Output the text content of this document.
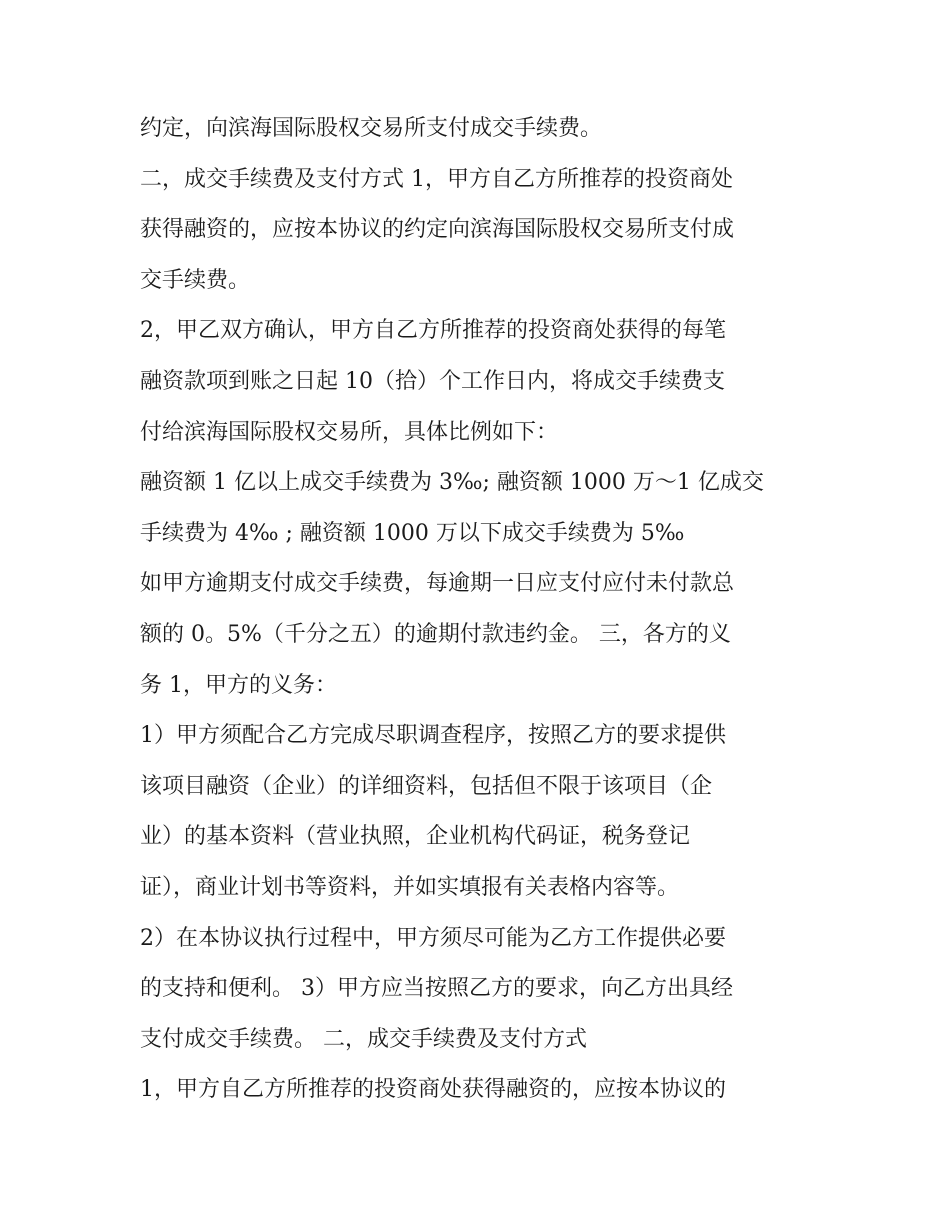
约定，向滨海国际股权交易所支付成交手续费。
二，成交手续费及支付方式 1，甲方自乙方所推荐的投资商处
获得融资的，应按本协议的约定向滨海国际股权交易所支付成
交手续费。
2，甲乙双方确认，甲方自乙方所推荐的投资商处获得的每笔
融资款项到账之日起 10（拾）个工作日内，将成交手续费支
付给滨海国际股权交易所，具体比例如下：
融资额 1 亿以上成交手续费为 3‰; 融资额 1000 万～1 亿成交
手续费为 4‰ ; 融资额 1000 万以下成交手续费为 5‰
如甲方逾期支付成交手续费，每逾期一日应支付应付未付款总
额的 0。5%（千分之五）的逾期付款违约金。 三，各方的义
务 1，甲方的义务：
1）甲方须配合乙方完成尽职调查程序，按照乙方的要求提供
该项目融资（企业）的详细资料，包括但不限于该项目（企
业）的基本资料（营业执照，企业机构代码证，税务登记
证），商业计划书等资料，并如实填报有关表格内容等。
2）在本协议执行过程中，甲方须尽可能为乙方工作提供必要
的支持和便利。 3）甲方应当按照乙方的要求，向乙方出具经
支付成交手续费。 二，成交手续费及支付方式
1，甲方自乙方所推荐的投资商处获得融资的，应按本协议的
